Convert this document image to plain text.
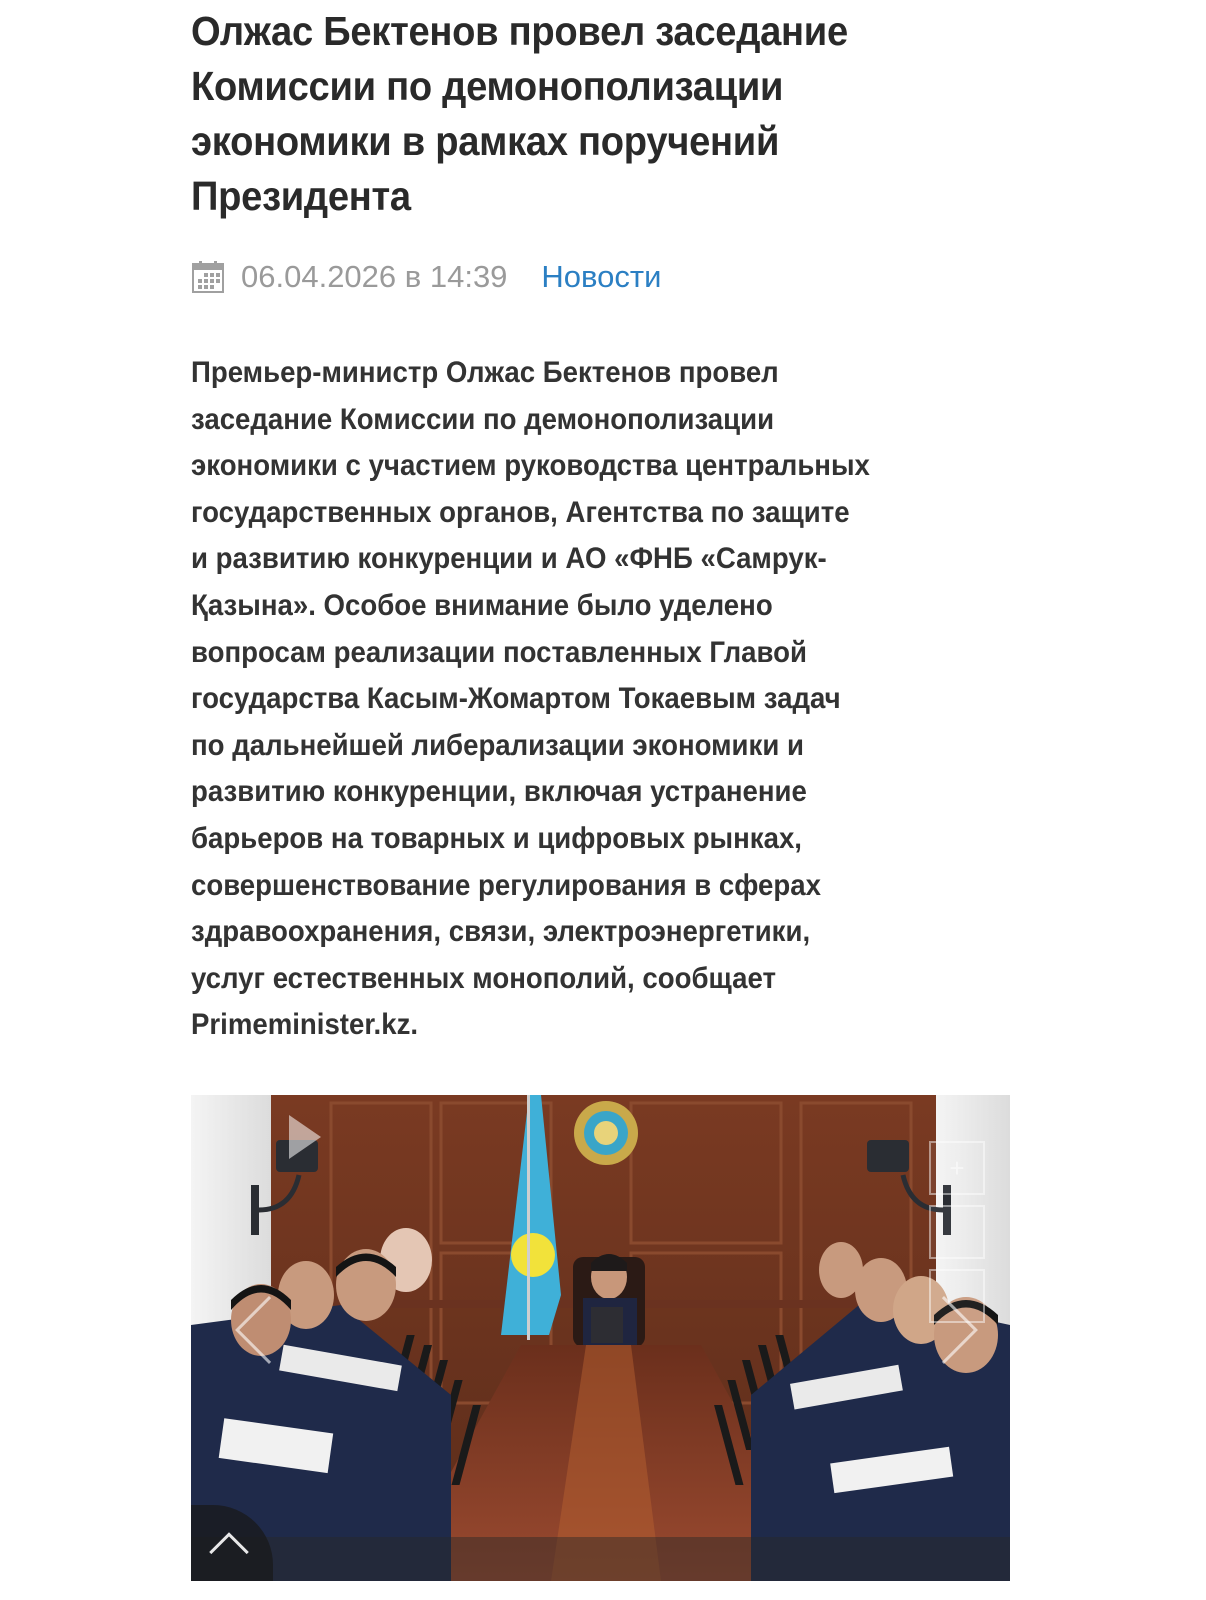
Олжас Бектенов провел заседание
Комиссии по демонополизации
экономики в рамках поручений
Президента
06.04.2026 в 14:39 Новости
Премьер-министр Олжас Бектенов провел
заседание Комиссии по демонополизации
экономики с участием руководства центральных
государственных органов, Агентства по защите
и развитию конкуренции и АО «ФНБ «Самрук-
Қазына». Особое внимание было уделено
вопросам реализации поставленных Главой
государства Касым-Жомартом Токаевым задач
по дальнейшей либерализации экономики и
развитию конкуренции, включая устранение
барьеров на товарных и цифровых рынках,
совершенствование регулирования в сферах
здравоохранения, связи, электроэнергетики,
услуг естественных монополий, сообщает
Primeminister.kz.
+
